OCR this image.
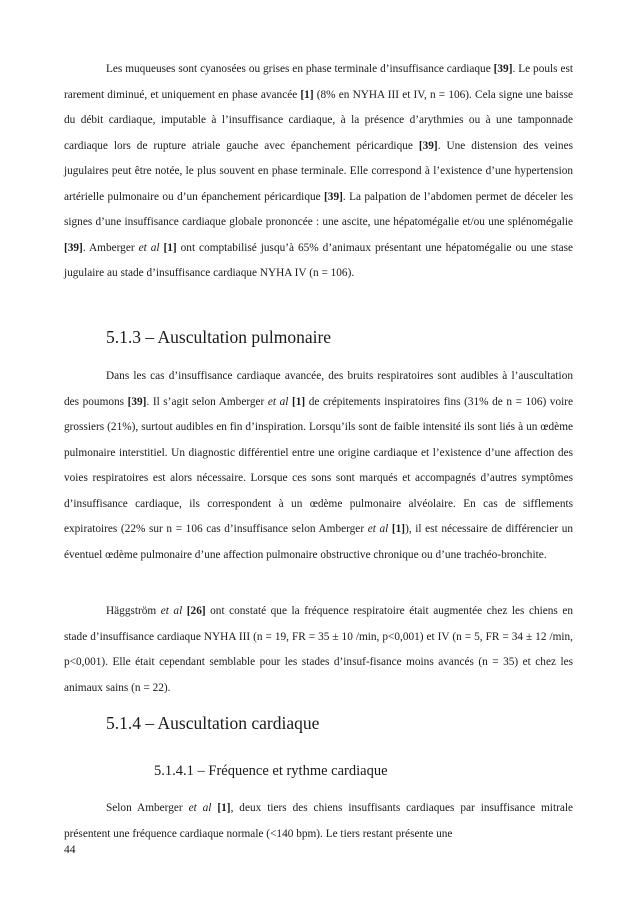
Les muqueuses sont cyanosées ou grises en phase terminale d’insuffisance cardiaque [39]. Le pouls est rarement diminué, et uniquement en phase avancée [1] (8% en NYHA III et IV, n = 106). Cela signe une baisse du débit cardiaque, imputable à l’insuffisance cardiaque, à la présence d’arythmies ou à une tamponnade cardiaque lors de rupture atriale gauche avec épanchement péricardique [39]. Une distension des veines jugulaires peut être notée, le plus souvent en phase terminale. Elle correspond à l’existence d’une hypertension artérielle pulmonaire ou d’un épanchement péricardique [39]. La palpation de l’abdomen permet de déceler les signes d’une insuffisance cardiaque globale prononcée : une ascite, une hépatomégalie et/ou une splénomégalie [39]. Amberger et al [1] ont comptabilisé jusqu’à 65% d’animaux présentant une hépatomégalie ou une stase jugulaire au stade d’insuffisance cardiaque NYHA IV (n = 106).

5.1.3 – Auscultation pulmonaire

Dans les cas d’insuffisance cardiaque avancée, des bruits respiratoires sont audibles à l’auscultation des poumons [39]. Il s’agit selon Amberger et al [1] de crépitements inspiratoires fins (31% de n = 106) voire grossiers (21%), surtout audibles en fin d’inspiration. Lorsqu’ils sont de faible intensité ils sont liés à un œdème pulmonaire interstitiel. Un diagnostic différentiel entre une origine cardiaque et l’existence d’une affection des voies respiratoires est alors nécessaire. Lorsque ces sons sont marqués et accompagnés d’autres symptômes d’insuffisance cardiaque, ils correspondent à un œdème pulmonaire alvéolaire. En cas de sifflements expiratoires (22% sur n = 106 cas d’insuffisance selon Amberger et al [1]), il est nécessaire de différencier un éventuel œdème pulmonaire d’une affection pulmonaire obstructive chronique ou d’une trachéo-bronchite.

Häggström et al [26] ont constaté que la fréquence respiratoire était augmentée chez les chiens en stade d’insuffisance cardiaque NYHA III (n = 19, FR = 35 ± 10 /min, p<0,001) et IV (n = 5, FR = 34 ± 12 /min, p<0,001). Elle était cependant semblable pour les stades d’insuf-fisance moins avancés (n = 35) et chez les animaux sains (n = 22).

5.1.4 – Auscultation cardiaque
5.1.4.1 – Fréquence et rythme cardiaque

Selon Amberger et al [1], deux tiers des chiens insuffisants cardiaques par insuffisance mitrale présentent une fréquence cardiaque normale (<140 bpm). Le tiers restant présente une

44
